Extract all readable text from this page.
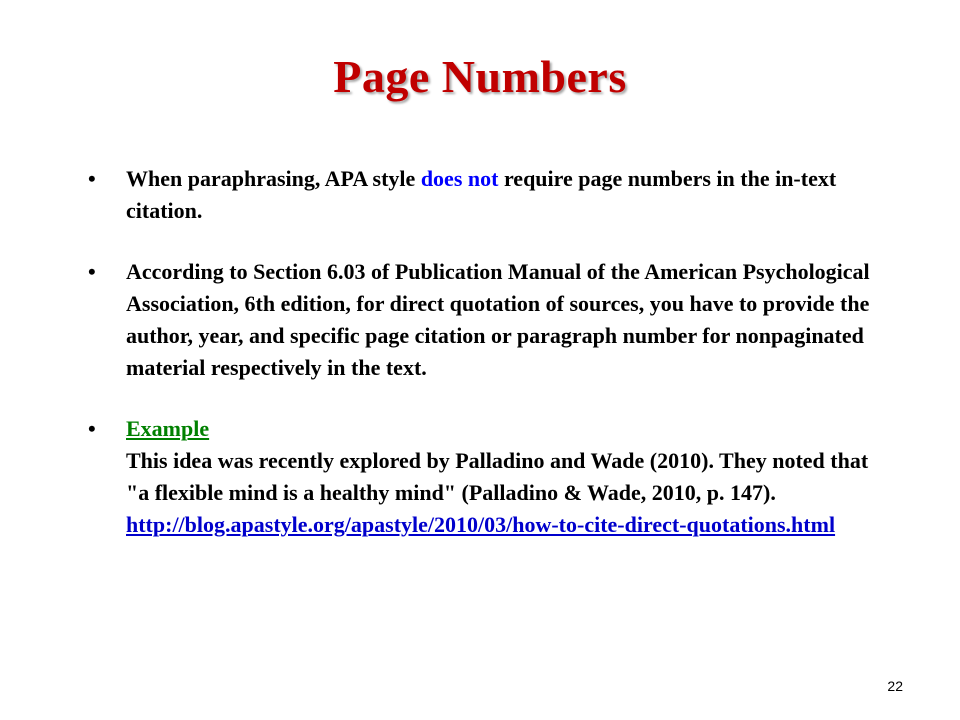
Page Numbers
•	When paraphrasing, APA style does not require page numbers in the in-text citation.
•	According to Section 6.03 of Publication Manual of the American Psychological Association, 6th edition, for direct quotation of sources, you have to provide the author, year, and specific page citation or paragraph number for nonpaginated material respectively in the text.
•	Example
This idea was recently explored by Palladino and Wade (2010). They noted that "a flexible mind is a healthy mind" (Palladino & Wade, 2010, p. 147).
http://blog.apastyle.org/apastyle/2010/03/how-to-cite-direct-quotations.html
22
